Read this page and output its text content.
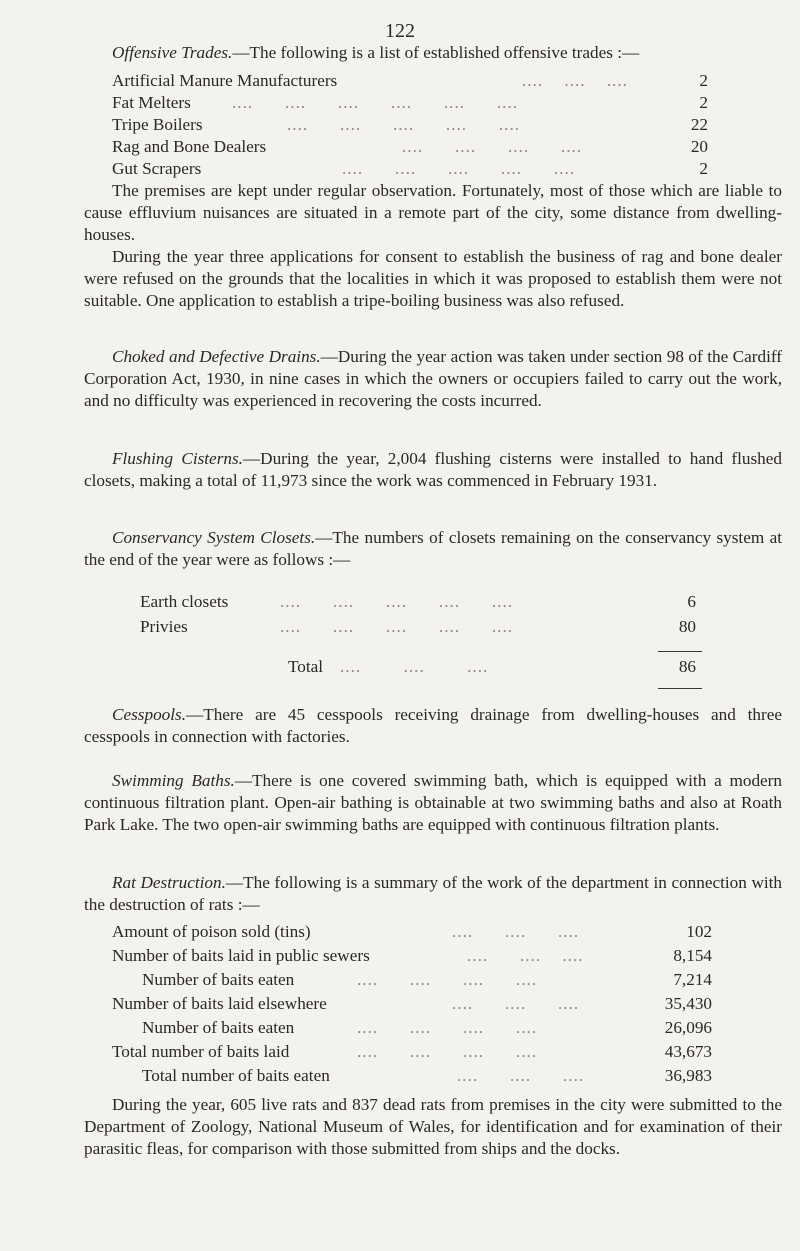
122
Offensive Trades.—The following is a list of established offensive trades :—
Artificial Manure Manufacturers	....    ....    ....	2
Fat Melters ....      ....      ....      ....      ....      ....	2
Tripe Boilers	....      ....      ....      ....      ....	22
Rag and Bone Dealers	....      ....      ....      ....	20
Gut Scrapers	....      ....      ....      ....      ....	2
The premises are kept under regular observation. Fortunately, most of those which are liable to cause effluvium nuisances are situated in a remote part of the city, some distance from dwelling-houses.
During the year three applications for consent to establish the business of rag and bone dealer were refused on the grounds that the localities in which it was proposed to establish them were not suitable. One application to establish a tripe-boiling business was also refused.
Choked and Defective Drains.—During the year action was taken under section 98 of the Cardiff Corporation Act, 1930, in nine cases in which the owners or occupiers failed to carry out the work, and no difficulty was experienced in recovering the costs incurred.
Flushing Cisterns.—During the year, 2,004 flushing cisterns were installed to hand flushed closets, making a total of 11,973 since the work was commenced in February 1931.
Conservancy System Closets.—The numbers of closets remaining on the conservancy system at the end of the year were as follows :—
Earth closets	....      ....      ....      ....      ....	6
Privies	....      ....      ....      ....      ....	80
Total ....        ....        ....	86
Cesspools.—There are 45 cesspools receiving drainage from dwelling-houses and three cesspools in connection with factories.
Swimming Baths.—There is one covered swimming bath, which is equipped with a modern continuous filtration plant. Open-air bathing is obtainable at two swimming baths and also at Roath Park Lake. The two open-air swimming baths are equipped with continuous filtration plants.
Rat Destruction.—The following is a summary of the work of the department in connection with the destruction of rats :—
Amount of poison sold (tins)	....      ....      ....	102
Number of baits laid in public sewers	....      ....    ....	8,154
Number of baits eaten	....      ....      ....      ....	7,214
Number of baits laid elsewhere	....      ....      ....	35,430
Number of baits eaten	....      ....      ....      ....	26,096
Total number of baits laid	....      ....      ....      ....	43,673
Total number of baits eaten	....      ....      ....	36,983
During the year, 605 live rats and 837 dead rats from premises in the city were submitted to the Department of Zoology, National Museum of Wales, for identification and for examination of their parasitic fleas, for comparison with those submitted from ships and the docks.
